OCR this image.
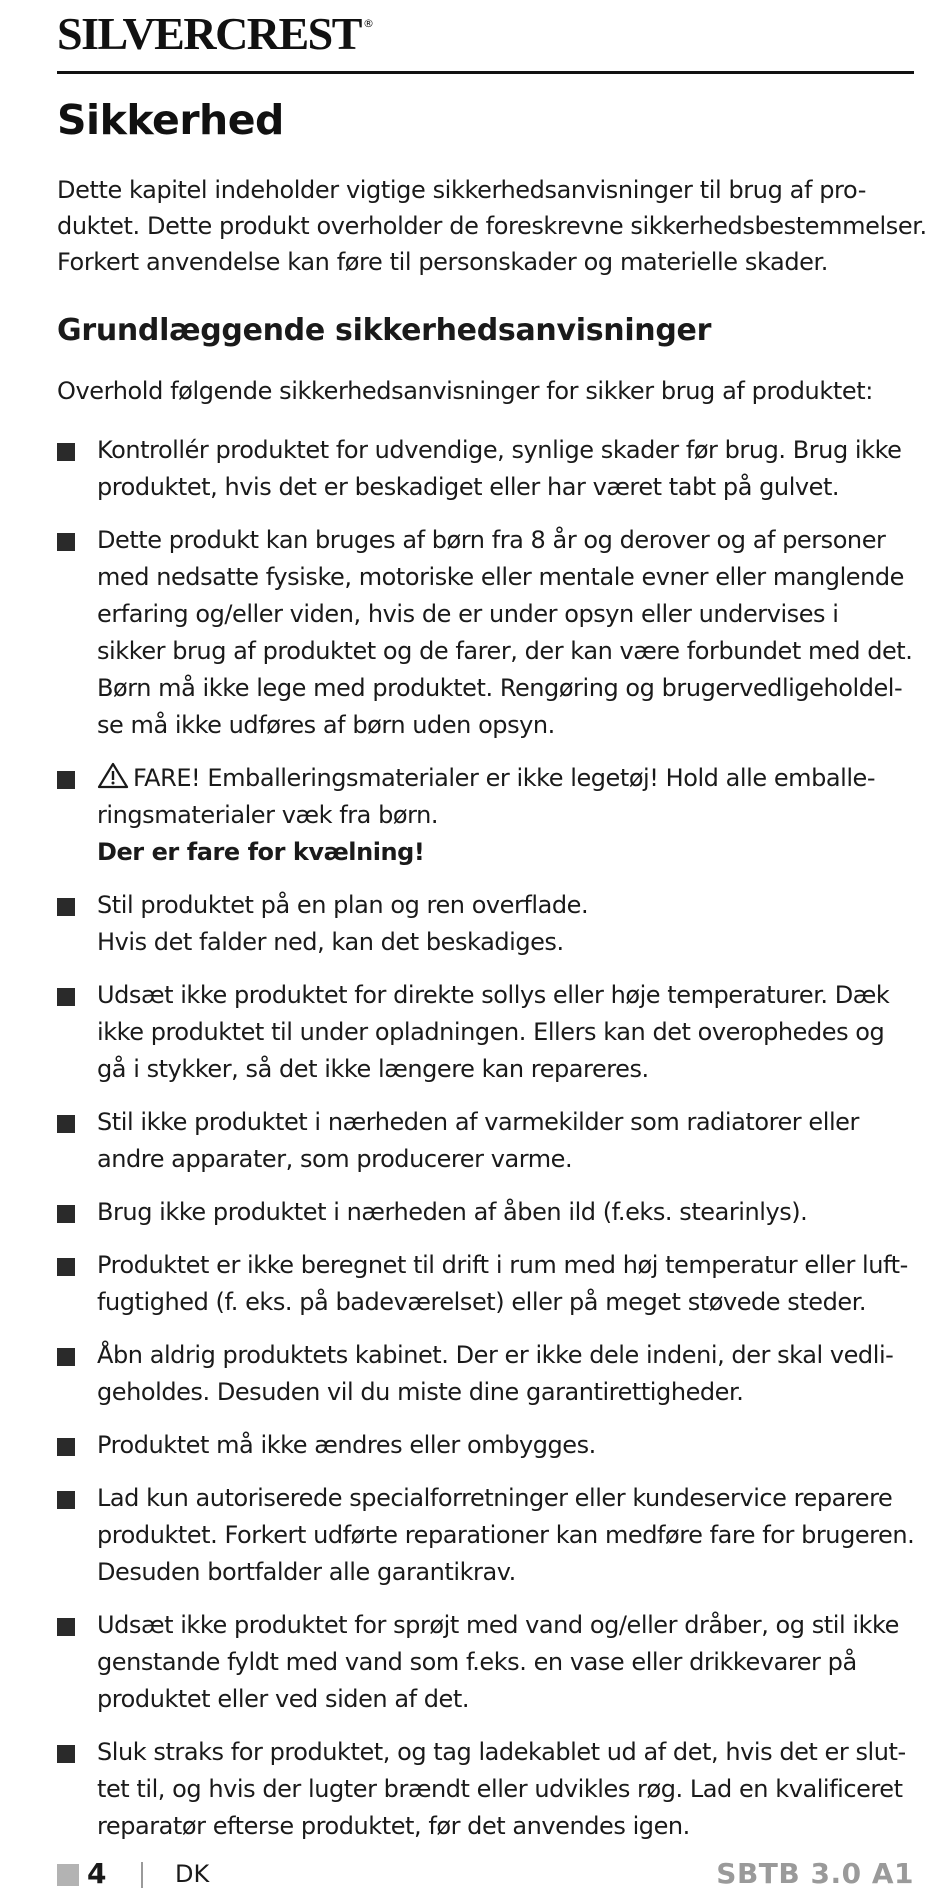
SILVERCREST ®
Sikkerhed

Dette kapitel indeholder vigtige sikkerhedsanvisninger til brug af pro-
duktet. Dette produkt overholder de foreskrevne sikkerhedsbestemmelser.
Forkert anvendelse kan føre til personskader og materielle skader.

Grundlæggende sikkerhedsanvisninger

Overhold følgende sikkerhedsanvisninger for sikker brug af produktet:

Kontrollér produktet for udvendige, synlige skader før brug. Brug ikke
produktet, hvis det er beskadiget eller har været tabt på gulvet.
Dette produkt kan bruges af børn fra 8 år og derover og af personer
med nedsatte fysiske, motoriske eller mentale evner eller manglende
erfaring og/eller viden, hvis de er under opsyn eller undervises i
sikker brug af produktet og de farer, der kan være forbundet med det.
Børn må ikke lege med produktet. Rengøring og brugervedligeholdel-
se må ikke udføres af børn uden opsyn.
FARE! Emballeringsmaterialer er ikke legetøj! Hold alle emballe-
ringsmaterialer væk fra børn.
Der er fare for kvælning!
Stil produktet på en plan og ren overflade.
Hvis det falder ned, kan det beskadiges.
Udsæt ikke produktet for direkte sollys eller høje temperaturer. Dæk
ikke produktet til under opladningen. Ellers kan det overophedes og
gå i stykker, så det ikke længere kan repareres.
Stil ikke produktet i nærheden af varmekilder som radiatorer eller
andre apparater, som producerer varme.
Brug ikke produktet i nærheden af åben ild (f.eks. stearinlys).
Produktet er ikke beregnet til drift i rum med høj temperatur eller luft-
fugtighed (f. eks. på badeværelset) eller på meget støvede steder.
Åbn aldrig produktets kabinet. Der er ikke dele indeni, der skal vedli-
geholdes. Desuden vil du miste dine garantirettigheder.
Produktet må ikke ændres eller ombygges.
Lad kun autoriserede specialforretninger eller kundeservice reparere
produktet. Forkert udførte reparationer kan medføre fare for brugeren.
Desuden bortfalder alle garantikrav.
Udsæt ikke produktet for sprøjt med vand og/eller dråber, og stil ikke
genstande fyldt med vand som f.eks. en vase eller drikkevarer på
produktet eller ved siden af det.
Sluk straks for produktet, og tag ladekablet ud af det, hvis det er slut-
tet til, og hvis der lugter brændt eller udvikles røg. Lad en kvalificeret
reparatør efterse produktet, før det anvendes igen.
4	DK	SBTB 3.0 A1
